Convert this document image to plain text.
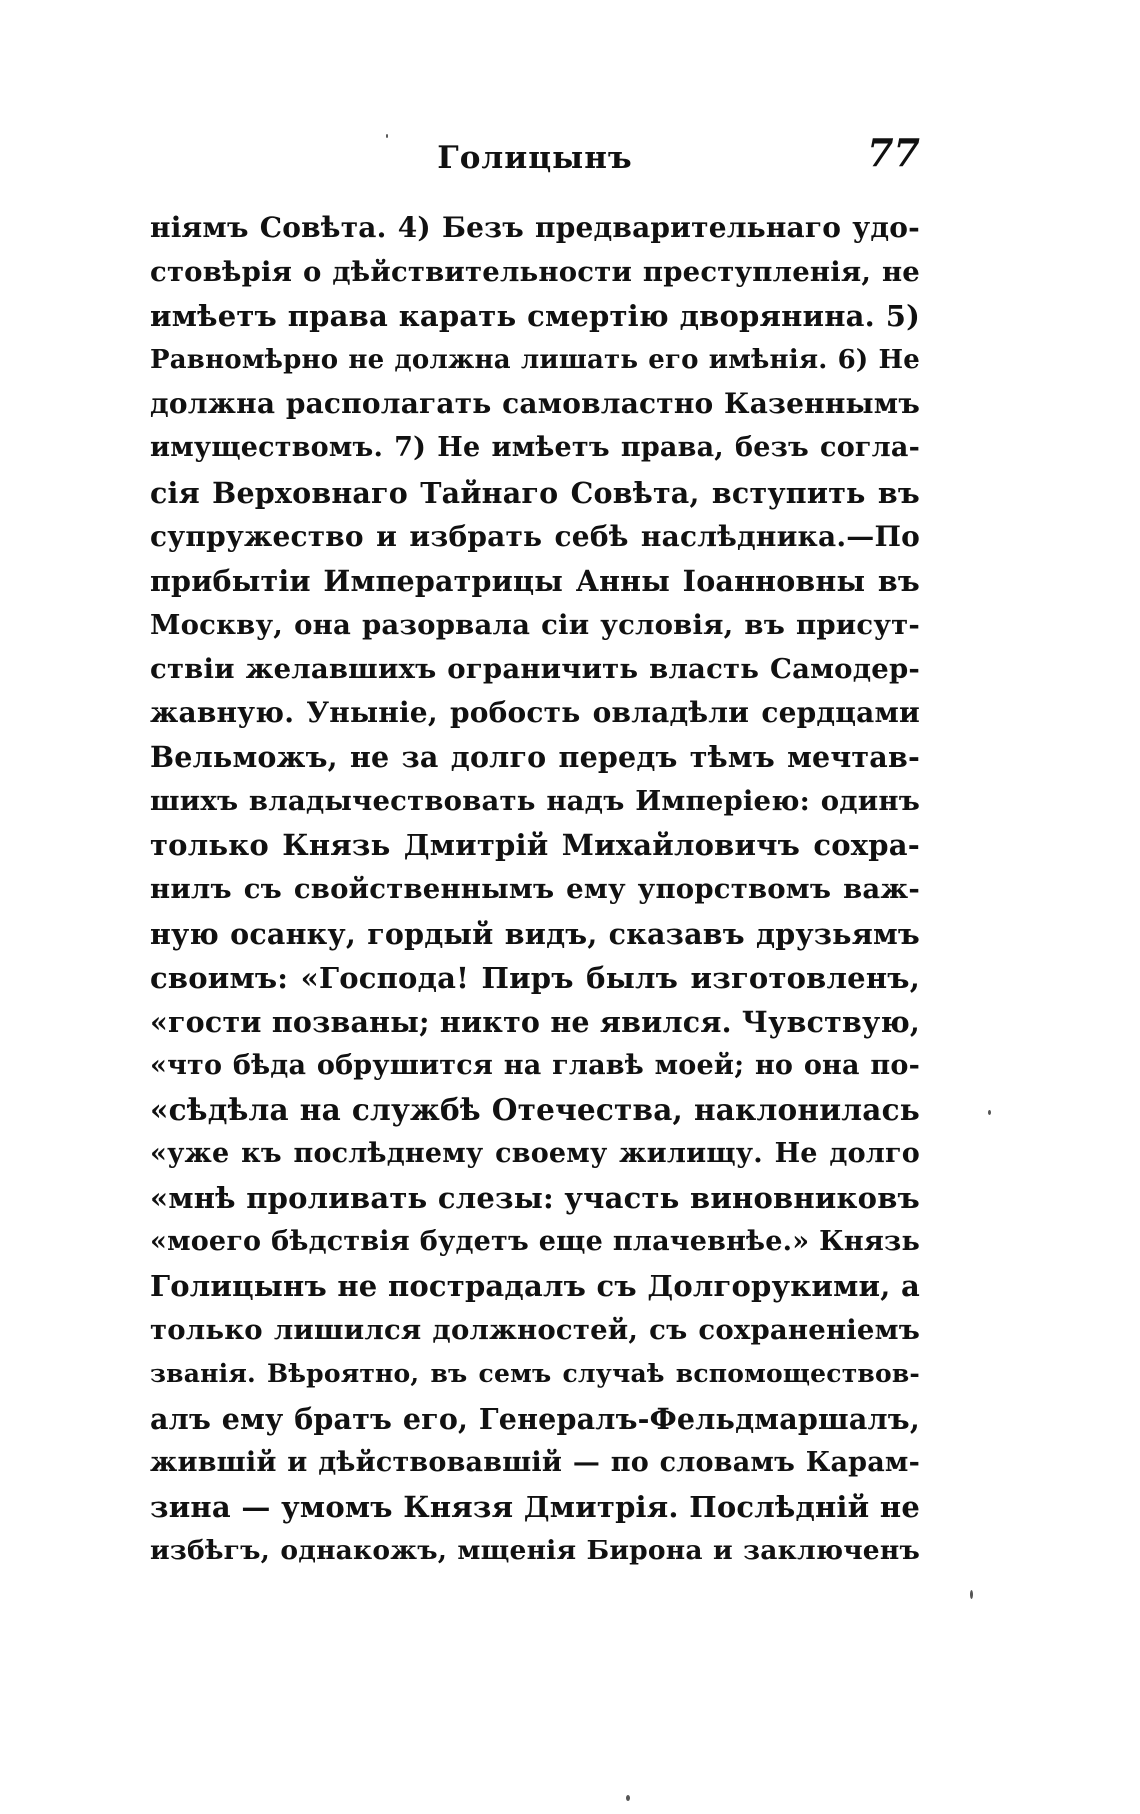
Голицынъ	77
ніямъ Совѣта. 4) Безъ предварительнаго удо-
стовѣрія о дѣйствительности преступленія, не
имѣетъ права карать смертію дворянина. 5)
Равномѣрно не должна лишать его имѣнія. 6) Не
должна располагать самовластно Казеннымъ
имуществомъ. 7) Не имѣетъ права, безъ согла-
сія Верховнаго Тайнаго Совѣта, вступить въ
супружество и избрать себѣ наслѣдника.—По
прибытіи Императрицы Анны Іоанновны въ
Москву, она разорвала сіи условія, въ присут-
ствіи желавшихъ ограничить власть Самодер-
жавную. Уныніе, робость овладѣли сердцами
Вельможъ, не за долго передъ тѣмъ мечтав-
шихъ владычествовать надъ Имперіею: одинъ
только Князь Дмитрій Михайловичъ сохра-
нилъ съ свойственнымъ ему упорствомъ важ-
ную осанку, гордый видъ, сказавъ друзьямъ
своимъ: «Господа! Пиръ былъ изготовленъ,
«гости позваны; никто не явился. Чувствую,
«что бѣда обрушится на главѣ моей; но она по-
«сѣдѣла на службѣ Отечества, наклонилась
«уже къ послѣднему своему жилищу. Не долго
«мнѣ проливать слезы: участь виновниковъ
«моего бѣдствія будетъ еще плачевнѣе.» Князь
Голицынъ не пострадалъ съ Долгорукими, а
только лишился должностей, съ сохраненіемъ
званія. Вѣроятно, въ семъ случаѣ вспомоществов-
алъ ему братъ его, Генералъ-Фельдмаршалъ,
жившій и дѣйствовавшій — по словамъ Карам-
зина — умомъ Князя Дмитрія. Послѣдній не
избѣгъ, однакожъ, мщенія Бирона и заключенъ
